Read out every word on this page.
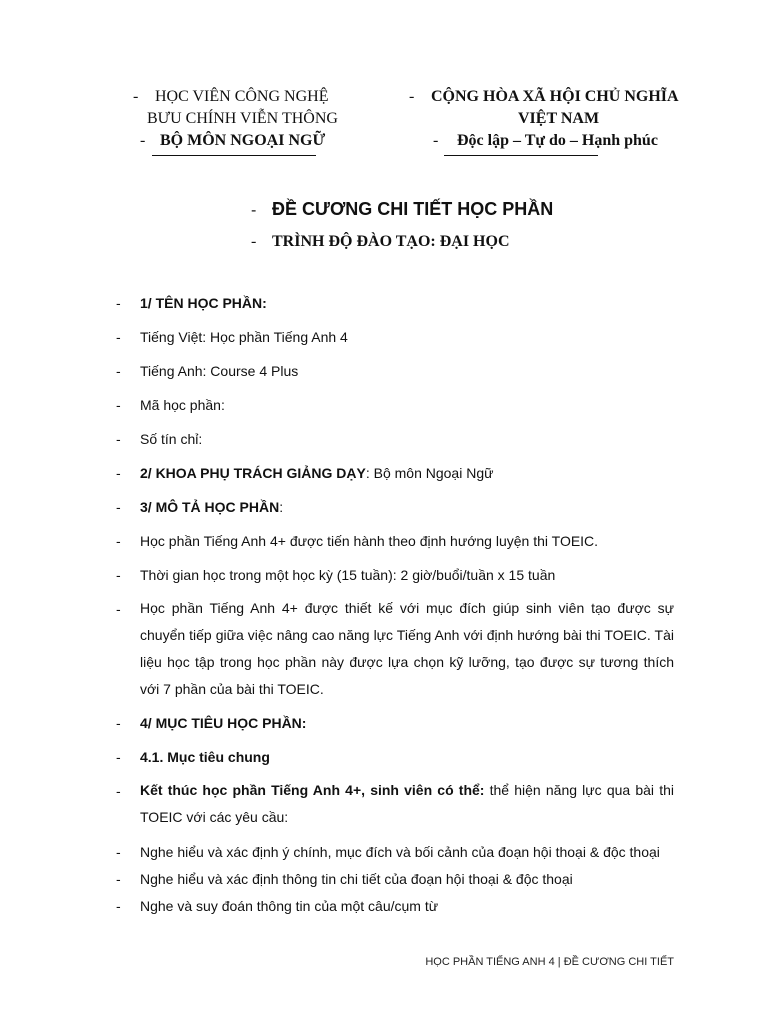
- HỌC VIÊN CÔNG NGHỆ
BƯU CHÍNH VIỄN THÔNG
- BỘ MÔN NGOẠI NGỮ
- CỘNG HÒA XÃ HỘI CHỦ NGHĨA
VIỆT NAM
- Độc lập – Tự do – Hạnh phúc
- ĐỀ CƯƠNG CHI TIẾT HỌC PHẦN
- TRÌNH ĐỘ ĐÀO TẠO: ĐẠI HỌC
- 1/ TÊN HỌC PHẦN:
- Tiếng Việt: Học phần Tiếng Anh 4
- Tiếng Anh: Course 4 Plus
- Mã học phần:
- Số tín chỉ:
- 2/ KHOA PHỤ TRÁCH GIẢNG DẠY: Bộ môn Ngoại Ngữ
- 3/ MÔ TẢ HỌC PHẦN:
- Học phần Tiếng Anh 4+ được tiến hành theo định hướng luyện thi TOEIC.
- Thời gian học trong một học kỳ (15 tuần): 2 giờ/buổi/tuần x 15 tuần
- Học phần Tiếng Anh 4+ được thiết kế với mục đích giúp sinh viên tạo được sự chuyển tiếp giữa việc nâng cao năng lực Tiếng Anh với định hướng bài thi TOEIC. Tài liệu học tập trong học phần này được lựa chọn kỹ lưỡng, tạo được sự tương thích với 7 phần của bài thi TOEIC.
- 4/ MỤC TIÊU HỌC PHẦN:
- 4.1. Mục tiêu chung
- Kết thúc học phần Tiếng Anh 4+, sinh viên có thể: thể hiện năng lực qua bài thi TOEIC với các yêu cầu:
- Nghe hiểu và xác định ý chính, mục đích và bối cảnh của đoạn hội thoại & độc thoại
- Nghe hiểu và xác định thông tin chi tiết của đoạn hội thoại & độc thoại
- Nghe và suy đoán thông tin của một câu/cụm từ
HỌC PHẦN TIẾNG ANH 4 | ĐỀ CƯƠNG CHI TIẾT
